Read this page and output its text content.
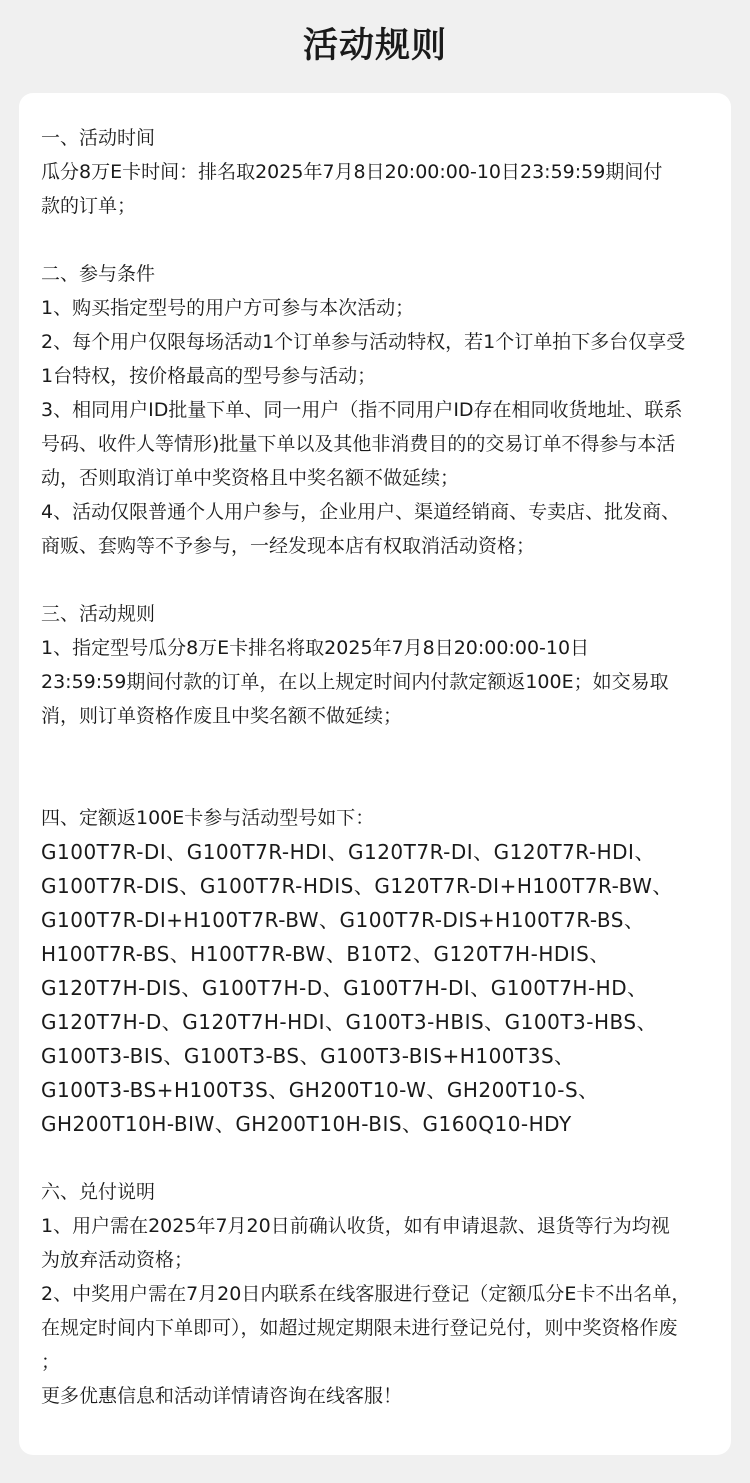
活动规则
一、活动时间
瓜分8万E卡时间：排名取2025年7月8日20:00:00-10日23:59:59期间付
款的订单；
二、参与条件
1、购买指定型号的用户方可参与本次活动；
2、每个用户仅限每场活动1个订单参与活动特权，若1个订单拍下多台仅享受
1台特权，按价格最高的型号参与活动；
3、相同用户ID批量下单、同一用户（指不同用户ID存在相同收货地址、联系
号码、收件人等情形)批量下单以及其他非消费目的的交易订单不得参与本活
动，否则取消订单中奖资格且中奖名额不做延续；
4、活动仅限普通个人用户参与，企业用户、渠道经销商、专卖店、批发商、
商贩、套购等不予参与，一经发现本店有权取消活动资格；
三、活动规则
1、指定型号瓜分8万E卡排名将取2025年7月8日20:00:00-10日
23:59:59期间付款的订单，在以上规定时间内付款定额返100E；如交易取
消，则订单资格作废且中奖名额不做延续；
四、定额返100E卡参与活动型号如下：
G100T7R-DI、G100T7R-HDI、G120T7R-DI、G120T7R-HDI、
G100T7R-DIS、G100T7R-HDIS、G120T7R-DI+H100T7R-BW、
G100T7R-DI+H100T7R-BW、G100T7R-DIS+H100T7R-BS、
H100T7R-BS、H100T7R-BW、B10T2、G120T7H-HDIS、
G120T7H-DIS、G100T7H-D、G100T7H-DI、G100T7H-HD、
G120T7H-D、G120T7H-HDI、G100T3-HBIS、G100T3-HBS、
G100T3-BIS、G100T3-BS、G100T3-BIS+H100T3S、
G100T3-BS+H100T3S、GH200T10-W、GH200T10-S、
GH200T10H-BIW、GH200T10H-BIS、G160Q10-HDY
六、兑付说明
1、用户需在2025年7月20日前确认收货，如有申请退款、退货等行为均视
为放弃活动资格；
2、中奖用户需在7月20日内联系在线客服进行登记（定额瓜分E卡不出名单，
在规定时间内下单即可），如超过规定期限未进行登记兑付，则中奖资格作废
；
更多优惠信息和活动详情请咨询在线客服！
